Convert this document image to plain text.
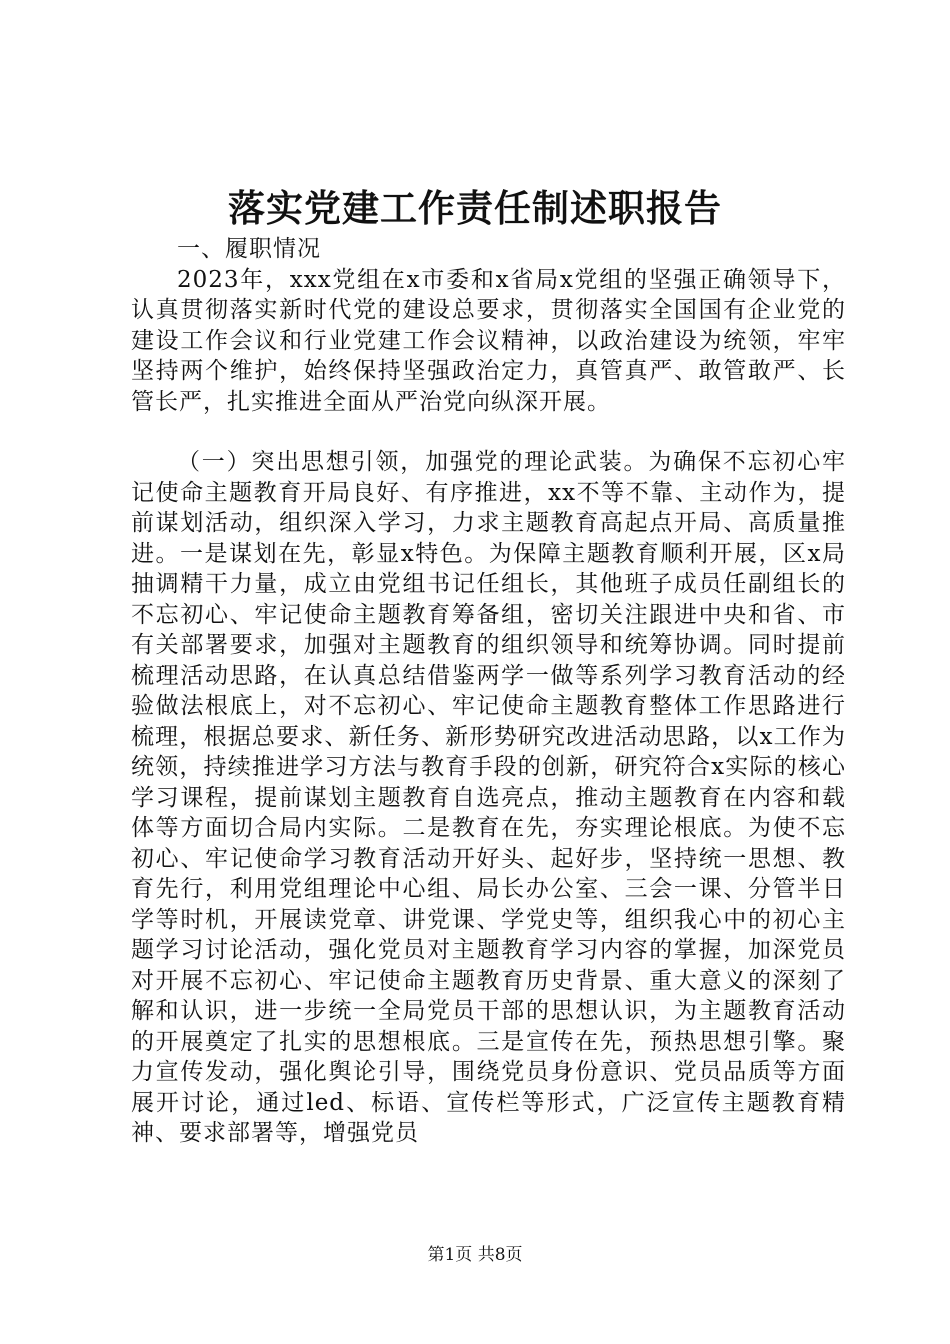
落实党建工作责任制述职报告

一、履职情况

2023年，xxx党组在x市委和x省局x党组的坚强正确领导下，认真贯彻落实新时代党的建设总要求，贯彻落实全国国有企业党的建设工作会议和行业党建工作会议精神，以政治建设为统领，牢牢坚持两个维护，始终保持坚强政治定力，真管真严、敢管敢严、长管长严，扎实推进全面从严治党向纵深开展。

（一）突出思想引领，加强党的理论武装。为确保不忘初心牢记使命主题教育开局良好、有序推进，xx不等不靠、主动作为，提前谋划活动，组织深入学习，力求主题教育高起点开局、高质量推进。一是谋划在先，彰显x特色。为保障主题教育顺利开展，区x局抽调精干力量，成立由党组书记任组长，其他班子成员任副组长的不忘初心、牢记使命主题教育筹备组，密切关注跟进中央和省、市有关部署要求，加强对主题教育的组织领导和统筹协调。同时提前梳理活动思路，在认真总结借鉴两学一做等系列学习教育活动的经验做法根底上，对不忘初心、牢记使命主题教育整体工作思路进行梳理，根据总要求、新任务、新形势研究改进活动思路，以x工作为统领，持续推进学习方法与教育手段的创新，研究符合x实际的核心学习课程，提前谋划主题教育自选亮点，推动主题教育在内容和载体等方面切合局内实际。二是教育在先，夯实理论根底。为使不忘初心、牢记使命学习教育活动开好头、起好步，坚持统一思想、教育先行，利用党组理论中心组、局长办公室、三会一课、分管半日学等时机，开展读党章、讲党课、学党史等，组织我心中的初心主题学习讨论活动，强化党员对主题教育学习内容的掌握，加深党员对开展不忘初心、牢记使命主题教育历史背景、重大意义的深刻了解和认识，进一步统一全局党员干部的思想认识，为主题教育活动的开展奠定了扎实的思想根底。三是宣传在先，预热思想引擎。聚力宣传发动，强化舆论引导，围绕党员身份意识、党员品质等方面展开讨论，通过led、标语、宣传栏等形式，广泛宣传主题教育精神、要求部署等，增强党员

第1页 共8页
